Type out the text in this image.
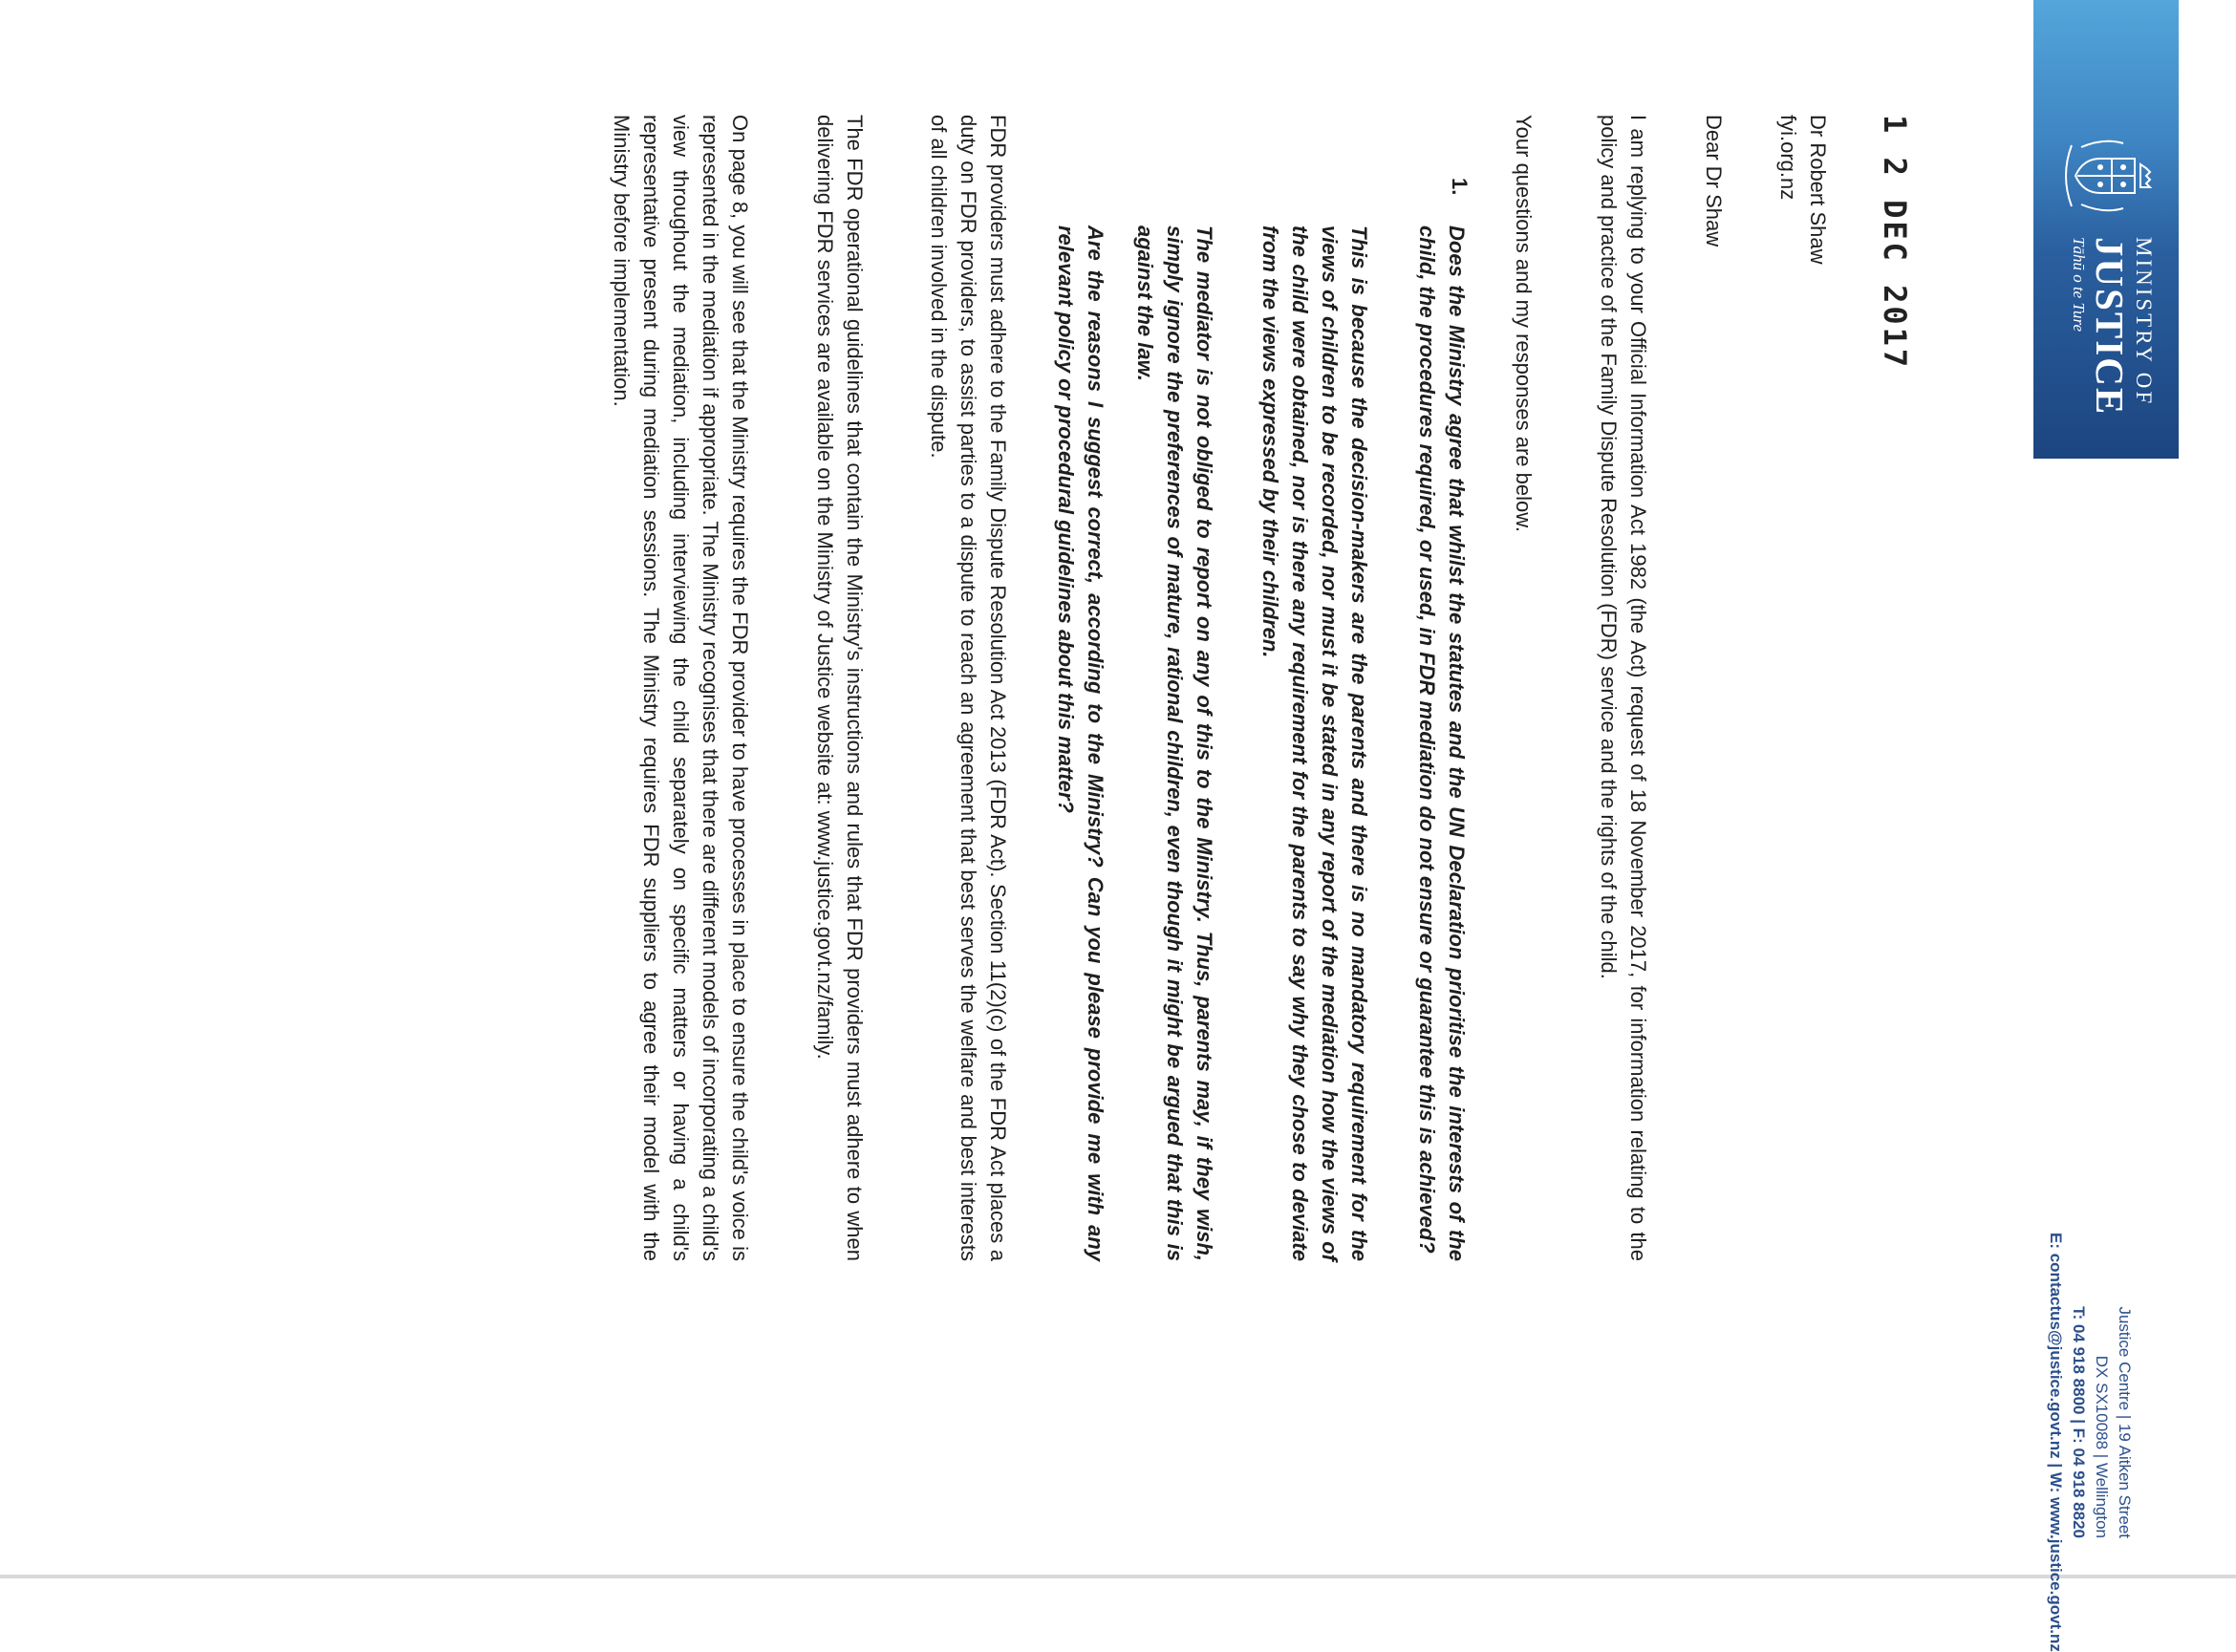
MINISTRY OF
JUSTICE
Tāhū o te Ture
Justice Centre | 19 Aitken Street
DX SX10088 | Wellington
T: 04 918 8800 | F: 04 918 8820
E: contactus@justice.govt.nz | W: www.justice.govt.nz
1 2 DEC 2017
Dr Robert Shaw
fyi.org.nz
Dear Dr Shaw
I am replying to your Official Information Act 1982 (the Act) request of 18 November 2017, for information relating to the policy and practice of the Family Dispute Resolution (FDR) service and the rights of the child.
Your questions and my responses are below.
1.
Does the Ministry agree that whilst the statutes and the UN Declaration prioritise the interests of the child, the procedures required, or used, in FDR mediation do not ensure or guarantee this is achieved?
This is because the decision-makers are the parents and there is no mandatory requirement for the views of children to be recorded, nor must it be stated in any report of the mediation how the views of the child were obtained, nor is there any requirement for the parents to say why they chose to deviate from the views expressed by their children.
The mediator is not obliged to report on any of this to the Ministry. Thus, parents may, if they wish, simply ignore the preferences of mature, rational children, even though it might be argued that this is against the law.
Are the reasons I suggest correct, according to the Ministry? Can you please provide me with any relevant policy or procedural guidelines about this matter?
FDR providers must adhere to the Family Dispute Resolution Act 2013 (FDR Act). Section 11(2)(c) of the FDR Act places a duty on FDR providers, to assist parties to a dispute to reach an agreement that best serves the welfare and best interests of all children involved in the dispute.
The FDR operational guidelines that contain the Ministry's instructions and rules that FDR providers must adhere to when delivering FDR services are available on the Ministry of Justice website at: www.justice.govt.nz/family.
On page 8, you will see that the Ministry requires the FDR provider to have processes in place to ensure the child's voice is represented in the mediation if appropriate. The Ministry recognises that there are different models of incorporating a child's view throughout the mediation, including interviewing the child separately on specific matters or having a child's representative present during mediation sessions. The Ministry requires FDR suppliers to agree their model with the Ministry before implementation.
